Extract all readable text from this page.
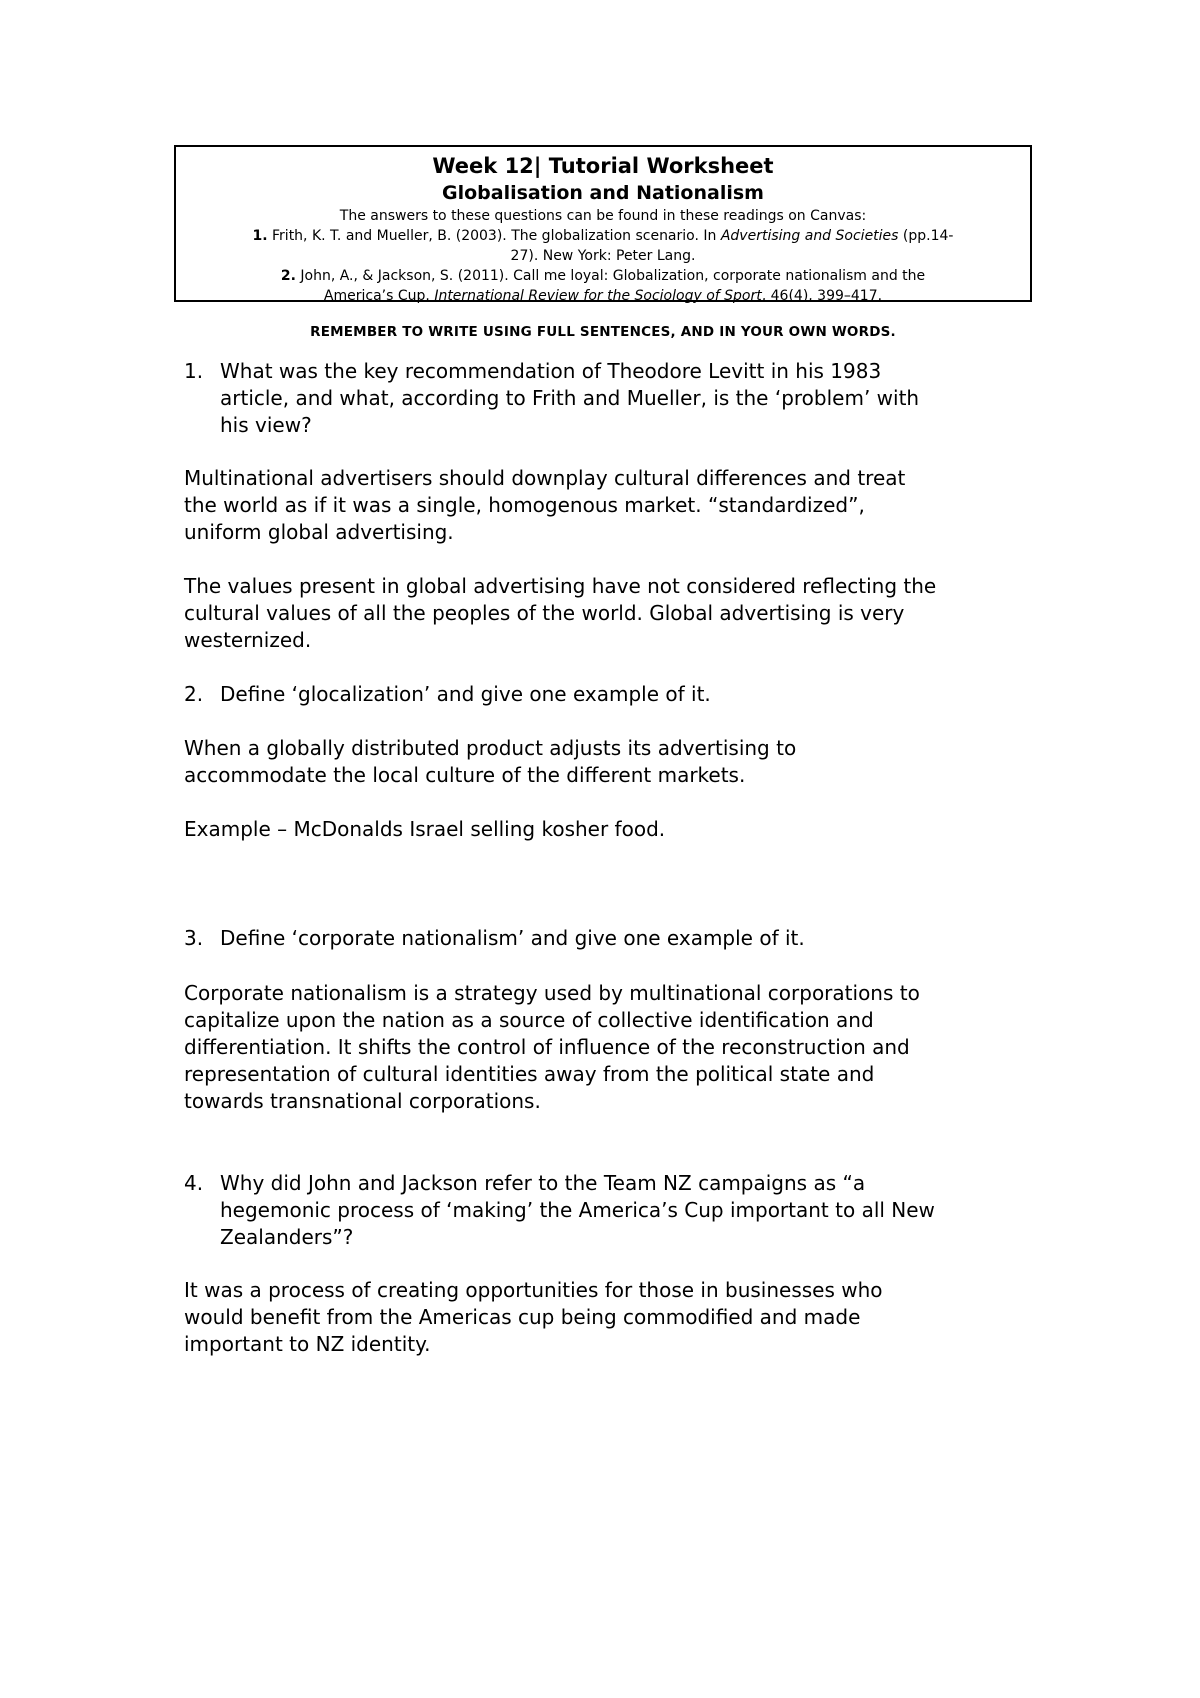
Week 12| Tutorial Worksheet
Globalisation and Nationalism
The answers to these questions can be found in these readings on Canvas:
1. Frith, K. T. and Mueller, B. (2003). The globalization scenario. In Advertising and Societies (pp.14-
27). New York: Peter Lang.
2. John, A., & Jackson, S. (2011). Call me loyal: Globalization, corporate nationalism and the
America’s Cup. International Review for the Sociology of Sport, 46(4), 399–417.
REMEMBER TO WRITE USING FULL SENTENCES, AND IN YOUR OWN WORDS.
1. What was the key recommendation of Theodore Levitt in his 1983
article, and what, according to Frith and Mueller, is the ‘problem’ with
his view?
Multinational advertisers should downplay cultural differences and treat
the world as if it was a single, homogenous market. “standardized”,
uniform global advertising.
The values present in global advertising have not considered reflecting the
cultural values of all the peoples of the world. Global advertising is very
westernized.
2. Define ‘glocalization’ and give one example of it.
When a globally distributed product adjusts its advertising to
accommodate the local culture of the different markets.
Example – McDonalds Israel selling kosher food.
3. Define ‘corporate nationalism’ and give one example of it.
Corporate nationalism is a strategy used by multinational corporations to
capitalize upon the nation as a source of collective identification and
differentiation. It shifts the control of influence of the reconstruction and
representation of cultural identities away from the political state and
towards transnational corporations.
4. Why did John and Jackson refer to the Team NZ campaigns as “a
hegemonic process of ‘making’ the America’s Cup important to all New
Zealanders”?
It was a process of creating opportunities for those in businesses who
would benefit from the Americas cup being commodified and made
important to NZ identity.
